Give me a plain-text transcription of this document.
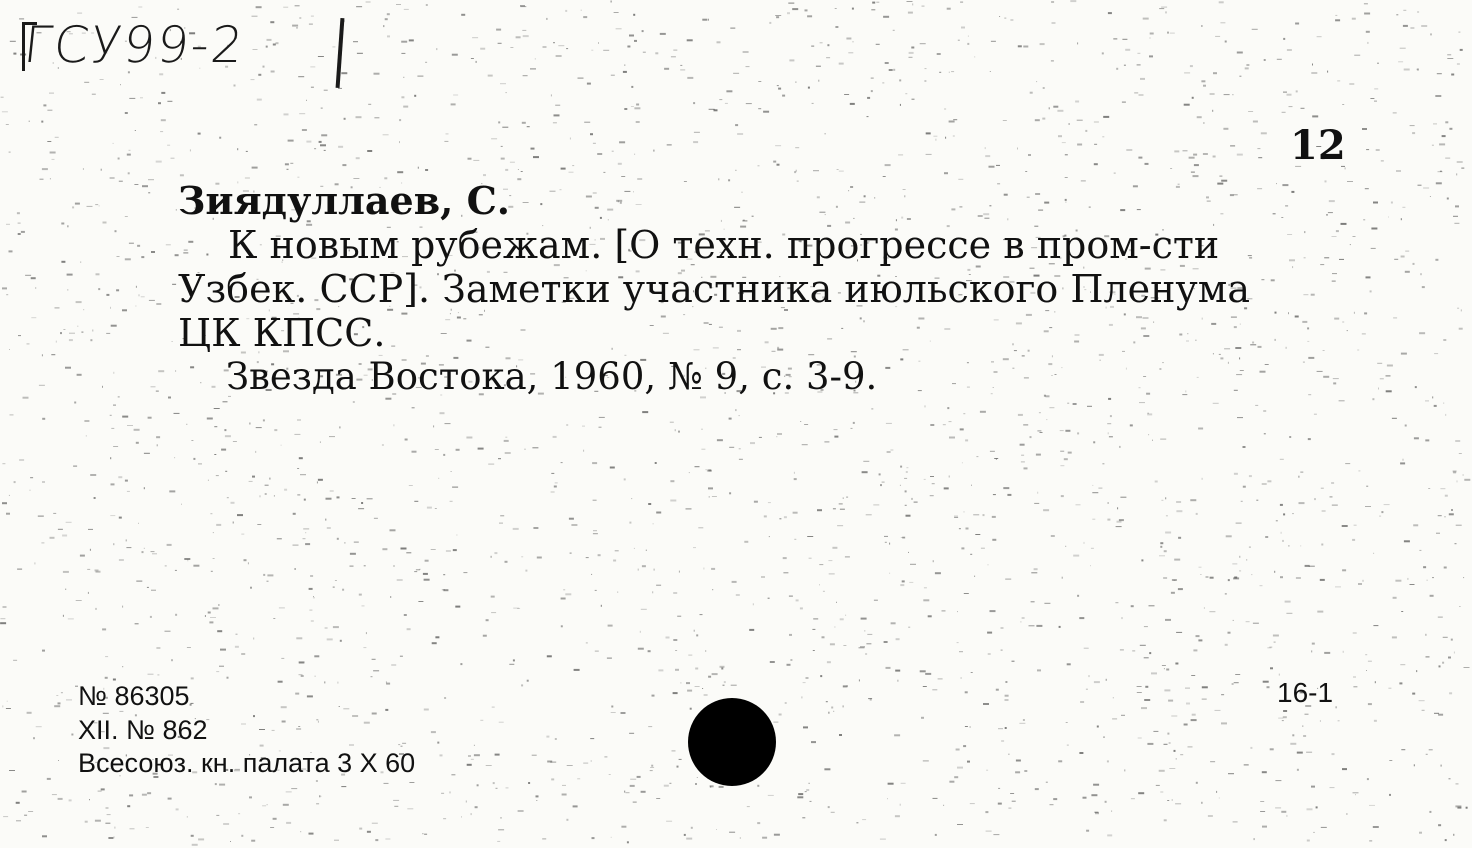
ГСУ99-2
12
Зиядуллаев, С.
К новым рубежам. [О техн. прогрессе в пром-сти
Узбек. ССР]. Заметки участника июльского Пленума
ЦК КПСС.
Звезда Востока, 1960, № 9, с. 3-9.
№ 86305
XII. № 862
Всесоюз. кн. палата 3 X 60
16-1
